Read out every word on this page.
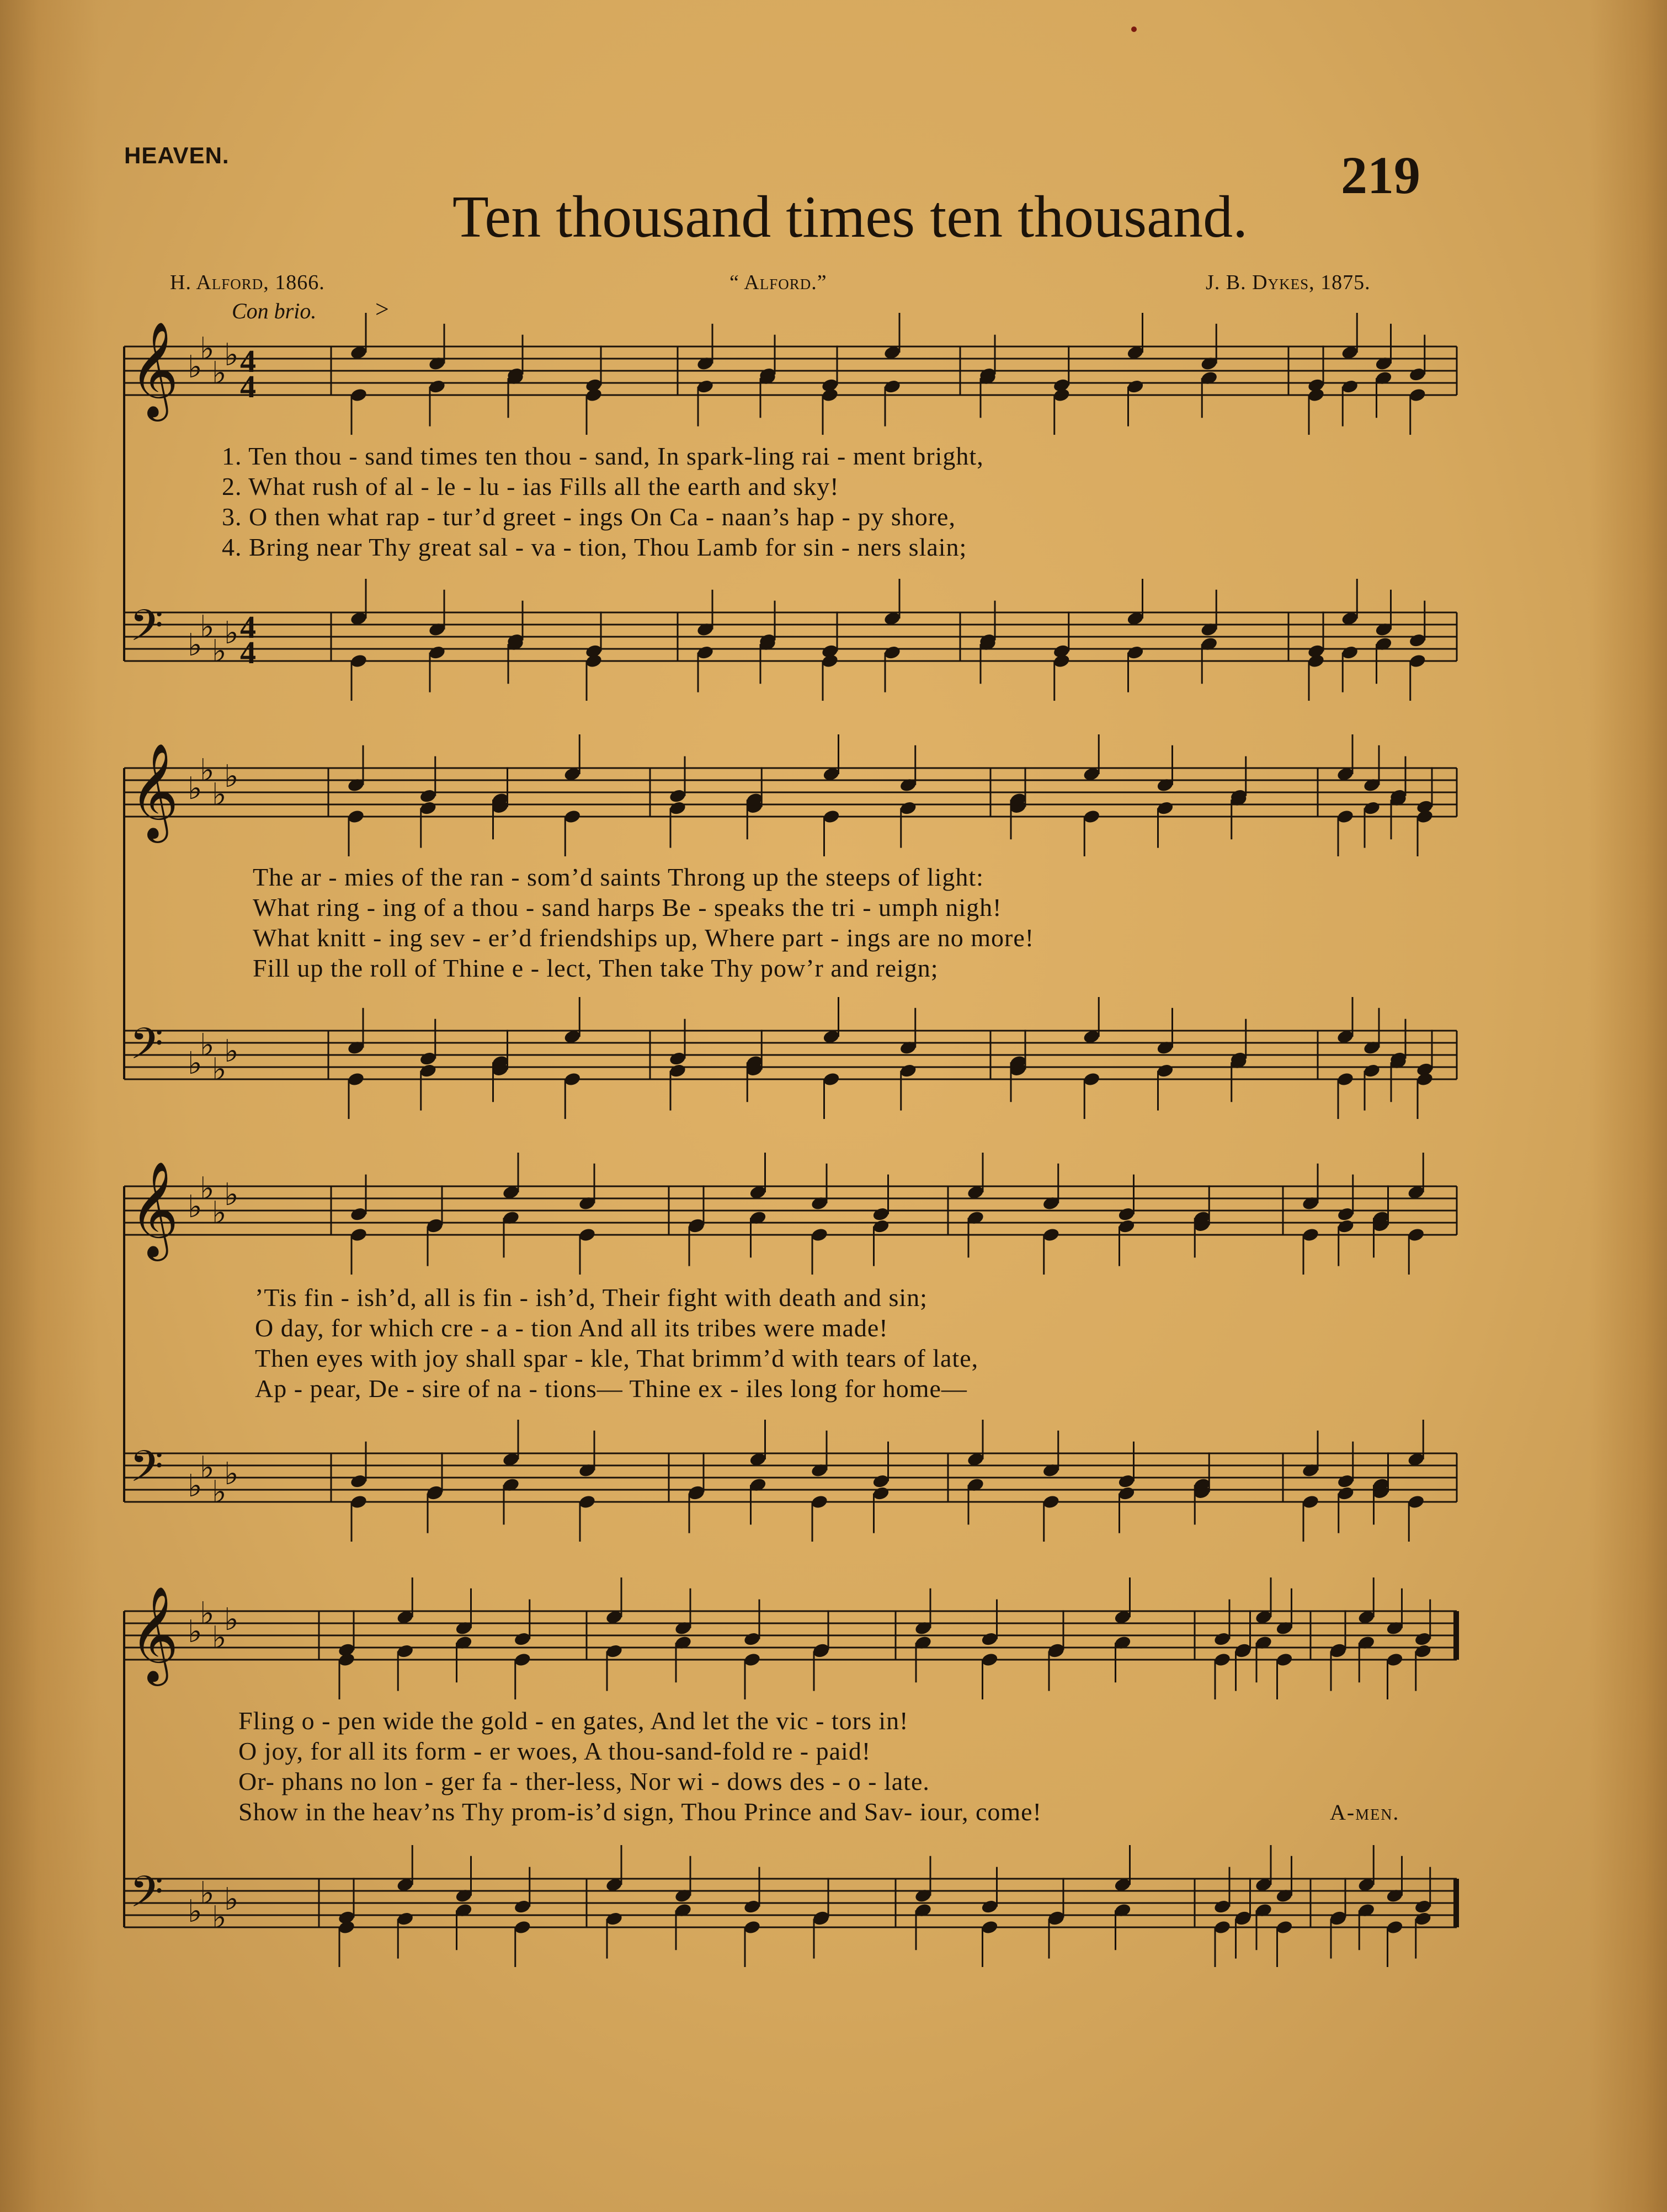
HEAVEN.	219
Ten thousand times ten thousand.
H. Alford, 1866.	“ Alford.”	J. B. Dykes, 1875.
Con brio. >
𝄞 ♭
♭
♭
♭ 4
4
𝄢 ♭
♭
♭
♭ 4
4
𝄞 ♭
♭
♭
♭
𝄢 ♭
♭
♭
♭
𝄞 ♭
♭
♭
♭
𝄢 ♭
♭
♭
♭
𝄞 ♭
♭
♭
♭
𝄢 ♭
♭
♭
♭
1. Ten thou - sand times ten thou - sand, In spark-ling rai - ment bright,
2. What rush of al - le - lu - ias Fills all the earth and sky!
3. O then what rap - tur’d greet - ings On Ca - naan’s hap - py shore,
4. Bring near Thy great sal - va - tion, Thou Lamb for sin - ners slain;
The ar - mies of the ran - som’d saints Throng up the steeps of light:
What ring - ing of a thou - sand harps Be - speaks the tri - umph nigh!
What knitt - ing sev - er’d friendships up, Where part - ings are no more!
Fill up the roll of Thine e - lect, Then take Thy pow’r and reign;
’Tis fin - ish’d, all is fin - ish’d, Their fight with death and sin;
O day, for which cre - a - tion And all its tribes were made!
Then eyes with joy shall spar - kle, That brimm’d with tears of late,
Ap - pear, De - sire of na - tions— Thine ex - iles long for home—
Fling o - pen wide the gold - en gates, And let the vic - tors in!
O joy, for all its form - er woes, A thou-sand-fold re - paid!
Or- phans no lon - ger fa - ther-less, Nor wi - dows des - o - late.
Show in the heav’ns Thy prom-is’d sign, Thou Prince and Sav- iour, come!	A-men.
